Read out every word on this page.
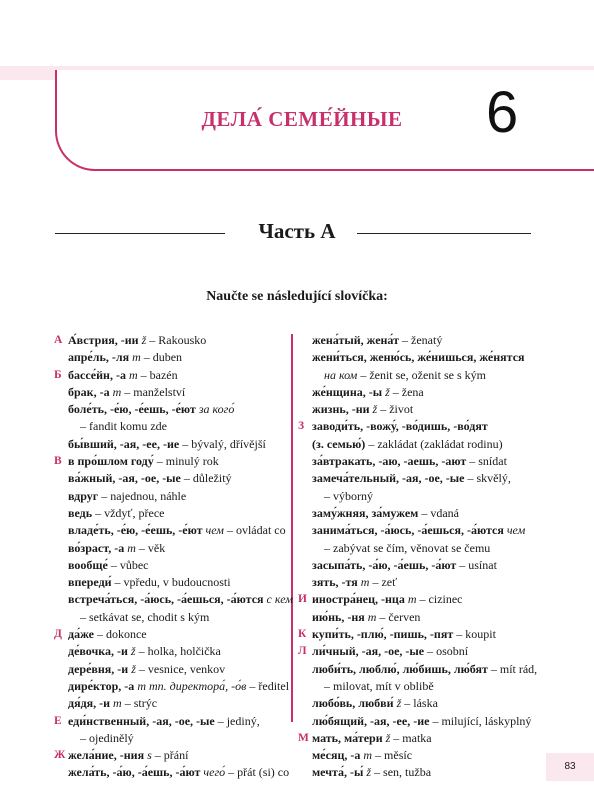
ДЕЛА́ СЕМЕ́ЙНЫЕ	6
Часть А
Naučte se následující slovíčka:
А А́встрия, -ии ž – Rakousko
апре́ль, -ля m – duben
Б бассе́йн, -а m – bazén
брак, -а m – manželství
боле́ть, -е́ю, -е́ешь, -е́ют за кого́
– fandit komu zde
бы́вший, -ая, -ее, -ие – bývalý, dřívější
В в про́шлом году́ – minulý rok
ва́жный, -ая, -ое, -ые – důležitý
вдруг – najednou, náhle
ведь – vždyť, přece
владе́ть, -е́ю, -е́ешь, -е́ют чем – ovládat co
во́зраст, -а m – věk
вообще́ – vůbec
впереди́ – vpředu, v budoucnosti
встреча́ться, -а́юсь, -а́ешься, -а́ются с кем
– setkávat se, chodit s kým
Д да́же – dokonce
де́вочка, -и ž – holka, holčička
дере́вня, -и ž – vesnice, venkov
дире́ктор, -а m mn. директора́, -о́в – ředitel
дя́дя, -и m – strýc
Е еди́нственный, -ая, -ое, -ые – jediný,
– ojedinělý
Ж жела́ние, -ния s – přání
жела́ть, -а́ю, -а́ешь, -а́ют чего́ – přát (si) co
жена́тый, жена́т – ženatý
жени́ться, женю́сь, же́нишься, же́нятся
на ком – ženit se, oženit se s kým
же́нщина, -ы ž – žena
жизнь, -ни ž – život
З заводи́ть, -вожу́, -во́дишь, -во́дят
(з. семью́) – zakládat (zakládat rodinu)
за́втракать, -аю, -аешь, -ают – snídat
замеча́тельный, -ая, -ое, -ые – skvělý,
– výborný
заму́жняя, за́мужем – vdaná
занима́ться, -а́юсь, -а́ешься, -а́ются чем
– zabývat se čím, věnovat se čemu
засыпа́ть, -а́ю, -а́ешь, -а́ют – usínat
зять, -тя m – zeť
И иностра́нец, -нца m – cizinec
ию́нь, -ня m – červen
К купи́ть, -плю́, -пишь, -пят – koupit
Л ли́чный, -ая, -ое, -ые – osobní
люби́ть, люблю́, лю́бишь, лю́бят – mít rád,
– milovat, mít v oblibě
любо́вь, любви́ ž – láska
лю́бящий, -ая, -ее, -ие – milující, láskyplný
М мать, ма́тери ž – matka
ме́сяц, -а m – měsíc
мечта́, -ы́ ž – sen, tužba	83
